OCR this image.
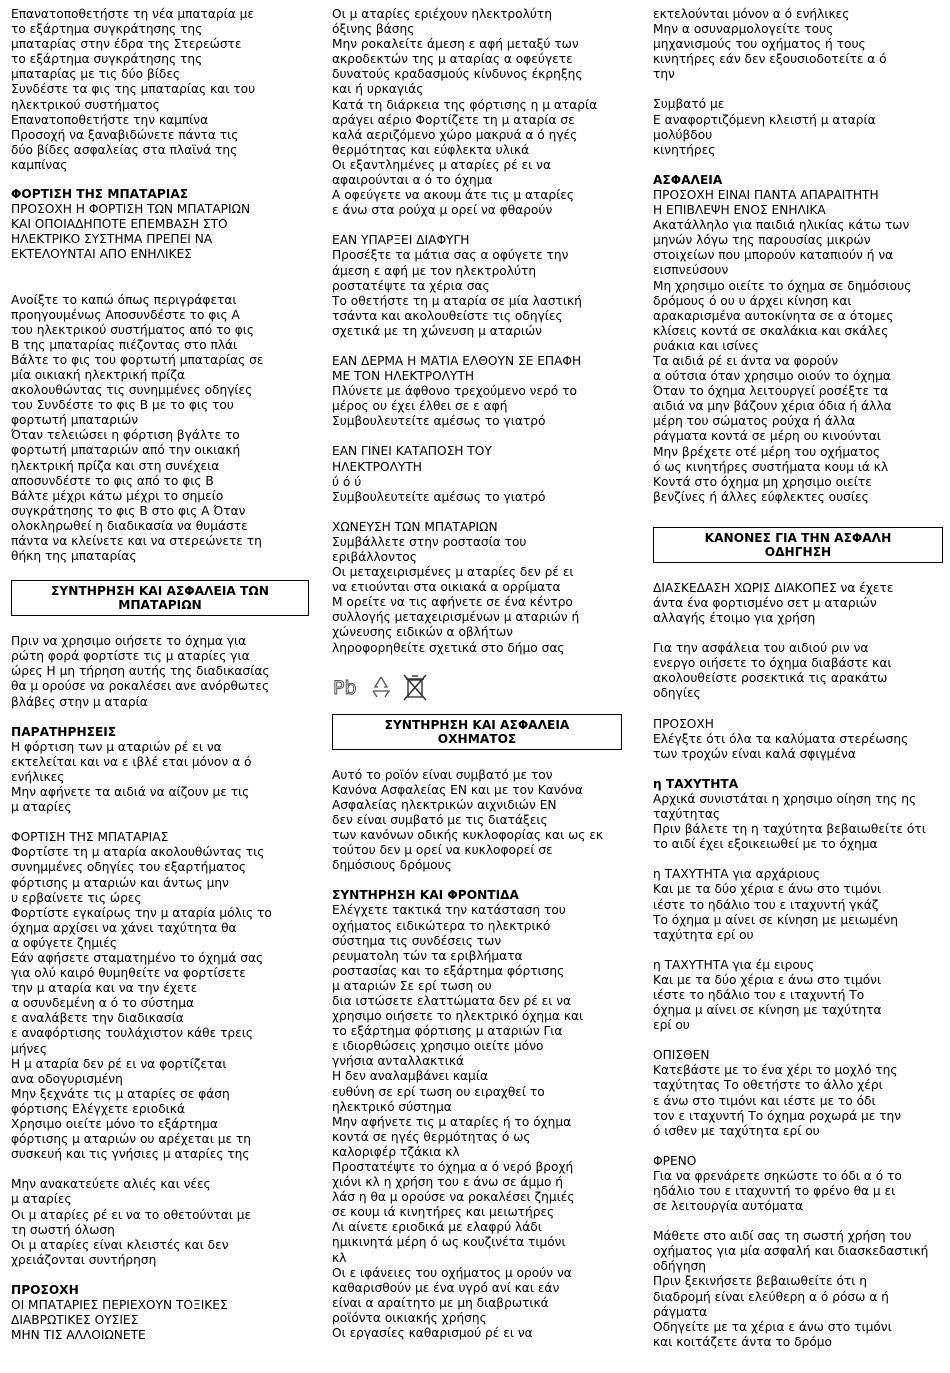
Επανατοποθετήστε τη νέα μπαταρία με
το εξάρτημα συγκράτησης της
μπαταρίας στην έδρα της Στερεώστε
το εξάρτημα συγκράτησης της
μπαταρίας με τις δύο βίδες
Συνδέστε τα φις της μπαταρίας και του
ηλεκτρικού συστήματος
Επανατοποθετήστε την καμπίνα
Προσοχή να ξαναβιδώνετε πάντα τις
δύο βίδες ασφαλείας στα πλαϊνά της
καμπίνας

ΦΟΡΤΙΣΗ ΤΗΣ ΜΠΑΤΑΡΙΑΣ

ΠΡΟΣΟΧΗ Η ΦΟΡΤΙΣΗ ΤΩΝ ΜΠΑΤΑΡΙΩΝ
ΚΑΙ ΟΠΟΙΑΔΗΠΟΤΕ ΕΠΕΜΒΑΣΗ ΣΤΟ
ΗΛΕΚΤΡΙΚΟ ΣΥΣΤΗΜΑ ΠΡΕΠΕΙ ΝΑ
ΕΚΤΕΛΟΥΝΤΑΙ ΑΠΟ ΕΝΗΛΙΚΕΣ

Ανοίξτε το καπώ όπως περιγράφεται
προηγουμένως Αποσυνδέστε το φις Α
του ηλεκτρικού συστήματος από το φις
Β της μπαταρίας πιέζοντας στο πλάι
Βάλτε το φις του φορτωτή μπαταρίας σε
μία οικιακή ηλεκτρική πρίζα
ακολουθώντας τις συνημμένες οδηγίες
του Συνδέστε το φις Β με το φις του
φορτωτή μπαταριών
Όταν τελειώσει η φόρτιση βγάλτε το
φορτωτή μπαταριών από την οικιακή
ηλεκτρική πρίζα και στη συνέχεια
αποσυνδέστε το φις από το φις Β
Βάλτε μέχρι κάτω μέχρι το σημείο
συγκράτησης το φις Β στο φις Α Όταν
ολοκληρωθεί η διαδικασία να θυμάστε
πάντα να κλείνετε και να στερεώνετε τη
θήκη της μπαταρίας

ΣΥΝΤΗΡΗΣΗ ΚΑΙ ΑΣΦΑΛΕΙΑ ΤΩΝ
ΜΠΑΤΑΡΙΩΝ

Πριν να χρησιμο οιήσετε το όχημα για
ρώτη φορά φορτίστε τις μ αταρίες για
ώρες Η μη τήρηση αυτής της διαδικασίας
θα μ ορούσε να ροκαλέσει ανε ανόρθωτες
βλάβες στην μ αταρία

ΠΑΡΑΤΗΡΗΣΕΙΣ

Η φόρτιση των μ αταριών ρέ ει να
εκτελείται και να ε ιβλέ εται μόνον α ό
ενήλικες
Μην αφήνετε τα αιδιά να αίζουν με τις
μ αταρίες

ΦΟΡΤΙΣΗ ΤΗΣ ΜΠΑΤΑΡΙΑΣ
Φορτίστε τη μ αταρία ακολουθώντας τις
συνημμένες οδηγίες του εξαρτήματος
φόρτισης μ αταριών και άντως μην
υ ερβαίνετε τις ώρες
Φορτίστε εγκαίρως την μ αταρία μόλις το
όχημα αρχίσει να χάνει ταχύτητα θα
α οφύγετε ζημιές
Εάν αφήσετε σταματημένο το όχημά σας
για ολύ καιρό θυμηθείτε να φορτίσετε
την μ αταρία και να την έχετε
α οσυνδεμένη α ό το σύστημα
ε αναλάβετε την διαδικασία
ε αναφόρτισης τουλάχιστον κάθε τρεις
μήνες
Η μ αταρία δεν ρέ ει να φορτίζεται
ανα οδογυρισμένη
Μην ξεχνάτε τις μ αταρίες σε φάση
φόρτισης Ελέγχετε εριοδικά
Χρησιμο οιείτε μόνο το εξάρτημα
φόρτισης μ αταριών ου αρέχεται με τη
συσκευή και τις γνήσιες μ αταρίες της

Μην ανακατεύετε αλιές και νέες
μ αταρίες
Οι μ αταρίες ρέ ει να το οθετούνται με
τη σωστή όλωση
Οι μ αταρίες είναι κλειστές και δεν
χρειάζονται συντήρηση

ΠΡΟΣΟΧΗ

ΟΙ ΜΠΑΤΑΡΙΕΣ ΠΕΡΙΕΧΟΥΝ ΤΟΞΙΚΕΣ
ΔΙΑΒΡΩΤΙΚΕΣ ΟΥΣΙΕΣ
ΜΗΝ ΤΙΣ ΑΛΛΟΙΩΝΕΤΕ

Οι μ αταρίες εριέχουν ηλεκτρολύτη
όξινης βάσης
Μην ροκαλείτε άμεση ε αφή μεταξύ των
ακροδεκτών της μ αταρίας α οφεύγετε
δυνατούς κραδασμούς κίνδυνος έκρηξης
και ή υρκαγιάς
Κατά τη διάρκεια της φόρτισης η μ αταρία
αράγει αέριο Φορτίζετε τη μ αταρία σε
καλά αεριζόμενο χώρο μακρυά α ό ηγές
θερμότητας και εύφλεκτα υλικά
Οι εξαντλημένες μ αταρίες ρέ ει να
αφαιρούνται α ό το όχημα
Α οφεύγετε να ακουμ άτε τις μ αταρίες
ε άνω στα ρούχα μ ορεί να φθαρούν

ΕΑΝ ΥΠΑΡΞΕΙ ΔΙΑΦΥΓΗ
Προσέξτε τα μάτια σας α οφύγετε την
άμεση ε αφή με τον ηλεκτρολύτη
ροστατέψτε τα χέρια σας
Το οθετήστε τη μ αταρία σε μία λαστική
τσάντα και ακολουθείστε τις οδηγίες
σχετικά με τη χώνευση μ αταριών

ΕΑΝ ΔΕΡΜΑ Η ΜΑΤΙΑ ΕΛΘΟΥΝ ΣΕ ΕΠΑΦΗ
ΜΕ ΤΟΝ ΗΛΕΚΤΡΟΛΥΤΗ
Πλύνετε με άφθονο τρεχούμενο νερό το
μέρος ου έχει έλθει σε ε αφή
Συμβουλευτείτε αμέσως το γιατρό

ΕΑΝ ΓΙΝΕΙ ΚΑΤΑΠΟΣΗ ΤΟΥ
ΗΛΕΚΤΡΟΛΥΤΗ
ύ ό ύ
Συμβουλευτείτε αμέσως το γιατρό

ΧΩΝΕΥΣΗ ΤΩΝ ΜΠΑΤΑΡΙΩΝ
Συμβάλλετε στην ροστασία του
εριβάλλοντος
Οι μεταχειρισμένες μ αταρίες δεν ρέ ει
να ετιούνται στα οικιακά α ορρίματα
Μ ορείτε να τις αφήνετε σε ένα κέντρο
συλλογής μεταχειρισμένων μ αταριών ή
χώνευσης ειδικών α οβλήτων
ληροφορηθείτε σχετικά στο δήμο σας

Pb
ΣΥΝΤΗΡΗΣΗ ΚΑΙ ΑΣΦΑΛΕΙΑ
ΟΧΗΜΑΤΟΣ

Αυτό το ροϊόν είναι συμβατό με τον
Κανόνα Ασφαλείας ΕΝ και με τον Κανόνα
Ασφαλείας ηλεκτρικών αιχνιδιών ΕΝ
δεν είναι συμβατό με τις διατάξεις
των κανόνων οδικής κυκλοφορίας και ως εκ
τούτου δεν μ ορεί να κυκλοφορεί σε
δημόσιους δρόμους

ΣΥΝΤΗΡΗΣΗ ΚΑΙ ΦΡΟΝΤΙΔΑ

Ελέγχετε τακτικά την κατάσταση του
οχήματος ειδικώτερα το ηλεκτρικό
σύστημα τις συνδέσεις των
ρευματολη τών τα εριβλήματα
ροστασίας και το εξάρτημα φόρτισης
μ αταριών Σε ερί τωση ου
δια ιστώσετε ελαττώματα δεν ρέ ει να
χρησιμο οιήσετε το ηλεκτρικό όχημα και
το εξάρτημα φόρτισης μ αταριών Για
ε ιδιορθώσεις χρησιμο οιείτε μόνο
γνήσια ανταλλακτικά
Η δεν αναλαμβάνει καμία
ευθύνη σε ερί τωση ου ειραχθεί το
ηλεκτρικό σύστημα
Μην αφήνετε τις μ αταρίες ή το όχημα
κοντά σε ηγές θερμότητας ό ως
καλοριφέρ τζάκια κλ
Προστατέψτε το όχημα α ό νερό βροχή
χιόνι κλ η χρήση του ε άνω σε άμμο ή
λάσ η θα μ ορούσε να ροκαλέσει ζημιές
σε κουμ ιά κινητήρες και μειωτήρες
Λι αίνετε εριοδικά με ελαφρύ λάδι
ημικινητά μέρη ό ως κουζινέτα τιμόνι
κλ
Οι ε ιφάνειες του οχήματος μ ορούν να
καθαρισθούν με ένα υγρό ανί και εάν
είναι α αραίτητο με μη διαβρωτικά
ροϊόντα οικιακής χρήσης
Οι εργασίες καθαρισμού ρέ ει να

εκτελούνται μόνον α ό ενήλικες
Μην α οσυναρμολογείτε τους
μηχανισμούς του οχήματος ή τους
κινητήρες εάν δεν εξουσιοδοτείτε α ό
την

Συμβατό με
Ε αναφορτιζόμενη κλειστή μ αταρία
μολύβδου
κινητήρες

ΑΣΦΑΛΕΙΑ

ΠΡΟΣΟΧΗ ΕΙΝΑΙ ΠΑΝΤΑ ΑΠΑΡΑΙΤΗΤΗ
Η ΕΠΙΒΛΕΨΗ ΕΝΟΣ ΕΝΗΛΙΚΑ
Ακατάλληλο για παιδιά ηλικίας κάτω των
μηνών λόγω της παρουσίας μικρών
στοιχείων που μπορούν καταπιούν ή να
εισπνεύσουν
Μη χρησιμο οιείτε το όχημα σε δημόσιους
δρόμους ό ου υ άρχει κίνηση και
αρακαρισμένα αυτοκίνητα σε α ότομες
κλίσεις κοντά σε σκαλάκια και σκάλες
ρυάκια και ισίνες
Τα αιδιά ρέ ει άντα να φορούν
α ούτσια όταν χρησιμο οιούν το όχημα
Όταν το όχημα λειτουργεί ροσέξτε τα
αιδιά να μην βάζουν χέρια όδια ή άλλα
μέρη του σώματος ρούχα ή άλλα
ράγματα κοντά σε μέρη ου κινούνται
Μην βρέχετε οτέ μέρη του οχήματος
ό ως κινητήρες συστήματα κουμ ιά κλ
Κοντά στο όχημα μη χρησιμο οιείτε
βενζίνες ή άλλες εύφλεκτες ουσίες

ΚΑΝΟΝΕΣ ΓΙΑ ΤΗΝ ΑΣΦΑΛΗ
ΟΔΗΓΗΣΗ

ΔΙΑΣΚΕΔΑΣΗ ΧΩΡΙΣ ΔΙΑΚΟΠΕΣ να έχετε
άντα ένα φορτισμένο σετ μ αταριών
αλλαγής έτοιμο για χρήση

Για την ασφάλεια του αιδιού ριν να
ενεργο οιήσετε το όχημα διαβάστε και
ακολουθείστε ροσεκτικά τις αρακάτω
οδηγίες

ΠΡΟΣΟΧΗ
Ελέγξτε ότι όλα τα καλύματα στερέωσης
των τροχών είναι καλά σφιγμένα

η ΤΑΧΥΤΗΤΑ

Αρχικά συνιστάται η χρησιμο οίηση της ης
ταχύτητας
Πριν βάλετε τη η ταχύτητα βεβαιωθείτε ότι
το αιδί έχει εξοικειωθεί με το όχημα

η ΤΑΧΥΤΗΤΑ για αρχάριους
Και με τα δύο χέρια ε άνω στο τιμόνι
ιέστε το ηδάλιο του ε ιταχυντή γκάζ
Το όχημα μ αίνει σε κίνηση με μειωμένη
ταχύτητα ερί ου

η ΤΑΧΥΤΗΤΑ για έμ ειρους
Και με τα δύο χέρια ε άνω στο τιμόνι
ιέστε το ηδάλιο του ε ιταχυντή Το
όχημα μ αίνει σε κίνηση με ταχύτητα
ερί ου

ΟΠΙΣΘΕΝ
Κατεβάστε με το ένα χέρι το μοχλό της
ταχύτητας Το οθετήστε το άλλο χέρι
ε άνω στο τιμόνι και ιέστε με το όδι
τον ε ιταχυντή Το όχημα ροχωρά με την
ό ισθεν με ταχύτητα ερί ου

ΦΡΕΝΟ
Για να φρενάρετε σηκώστε το όδι α ό το
ηδάλιο του ε ιταχυντή το φρένο θα μ ει
σε λειτουργία αυτόματα

Μάθετε στο αιδί σας τη σωστή χρήση του
οχήματος για μία ασφαλή και διασκεδαστική
οδήγηση
Πριν ξεκινήσετε βεβαιωθείτε ότι η
διαδρομή είναι ελεύθερη α ό ρόσω α ή
ράγματα
Οδηγείτε με τα χέρια ε άνω στο τιμόνι
και κοιτάζετε άντα το δρόμο
